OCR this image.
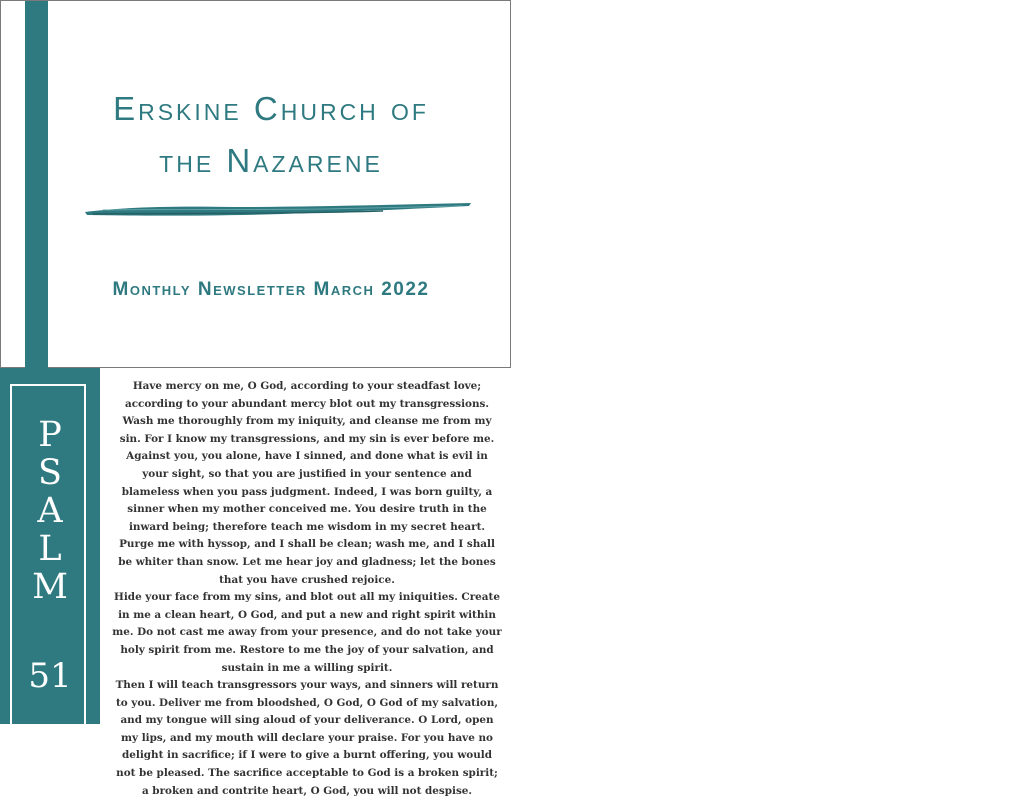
Erskine Church of
the Nazarene

Monthly Newsletter March 2022

P
S
A
L
M
51

Have mercy on me, O God, according to your steadfast love; according to your abundant mercy blot out my transgressions. Wash me thoroughly from my iniquity, and cleanse me from my sin. For I know my transgressions, and my sin is ever before me. Against you, you alone, have I sinned, and done what is evil in your sight, so that you are justified in your sentence and blameless when you pass judgment. Indeed, I was born guilty, a sinner when my mother conceived me. You desire truth in the inward being; therefore teach me wisdom in my secret heart. Purge me with hyssop, and I shall be clean; wash me, and I shall be whiter than snow. Let me hear joy and gladness; let the bones that you have crushed rejoice.

Hide your face from my sins, and blot out all my iniquities. Create in me a clean heart, O God, and put a new and right spirit within me. Do not cast me away from your presence, and do not take your holy spirit from me. Restore to me the joy of your salvation, and sustain in me a willing spirit.

Then I will teach transgressors your ways, and sinners will return to you. Deliver me from bloodshed, O God, O God of my salvation, and my tongue will sing aloud of your deliverance. O Lord, open my lips, and my mouth will declare your praise. For you have no delight in sacrifice; if I were to give a burnt offering, you would not be pleased. The sacrifice acceptable to God is a broken spirit; a broken and contrite heart, O God, you will not despise.
